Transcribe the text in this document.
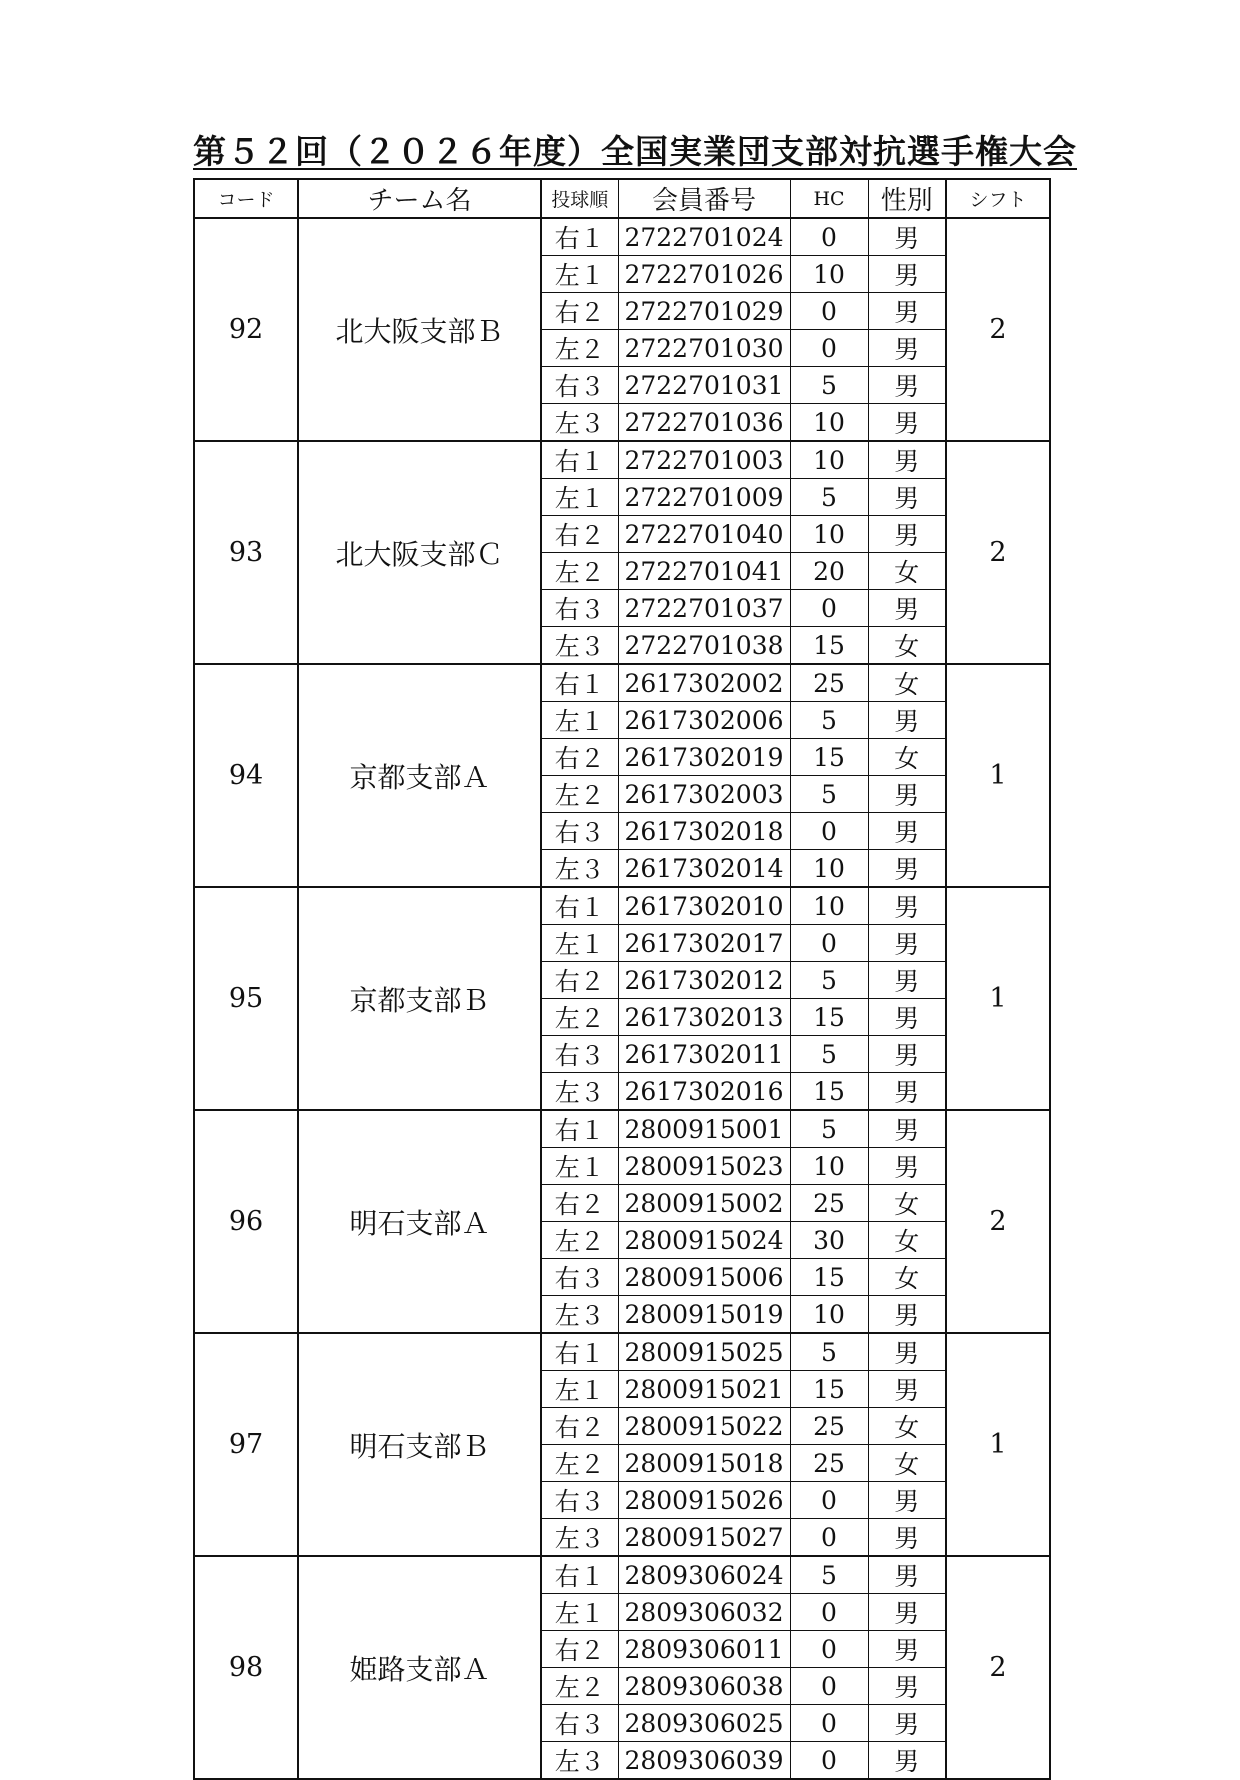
第５２回（２０２６年度）全国実業団支部対抗選手権大会
コード	チーム名	投球順	会員番号	HC	性別	シフト
92	北大阪支部Ｂ	右１	2722701024	0	男	2
		左１	2722701026	10	男	
		右２	2722701029	0	男	
		左２	2722701030	0	男	
		右３	2722701031	5	男	
		左３	2722701036	10	男	
93	北大阪支部Ｃ	右１	2722701003	10	男	2
		左１	2722701009	5	男	
		右２	2722701040	10	男	
		左２	2722701041	20	女	
		右３	2722701037	0	男	
		左３	2722701038	15	女	
94	京都支部Ａ	右１	2617302002	25	女	1
		左１	2617302006	5	男	
		右２	2617302019	15	女	
		左２	2617302003	5	男	
		右３	2617302018	0	男	
		左３	2617302014	10	男	
95	京都支部Ｂ	右１	2617302010	10	男	1
		左１	2617302017	0	男	
		右２	2617302012	5	男	
		左２	2617302013	15	男	
		右３	2617302011	5	男	
		左３	2617302016	15	男	
96	明石支部Ａ	右１	2800915001	5	男	2
		左１	2800915023	10	男	
		右２	2800915002	25	女	
		左２	2800915024	30	女	
		右３	2800915006	15	女	
		左３	2800915019	10	男	
97	明石支部Ｂ	右１	2800915025	5	男	1
		左１	2800915021	15	男	
		右２	2800915022	25	女	
		左２	2800915018	25	女	
		右３	2800915026	0	男	
		左３	2800915027	0	男	
98	姫路支部Ａ	右１	2809306024	5	男	2
		左１	2809306032	0	男	
		右２	2809306011	0	男	
		左２	2809306038	0	男	
		右３	2809306025	0	男	
		左３	2809306039	0	男	
